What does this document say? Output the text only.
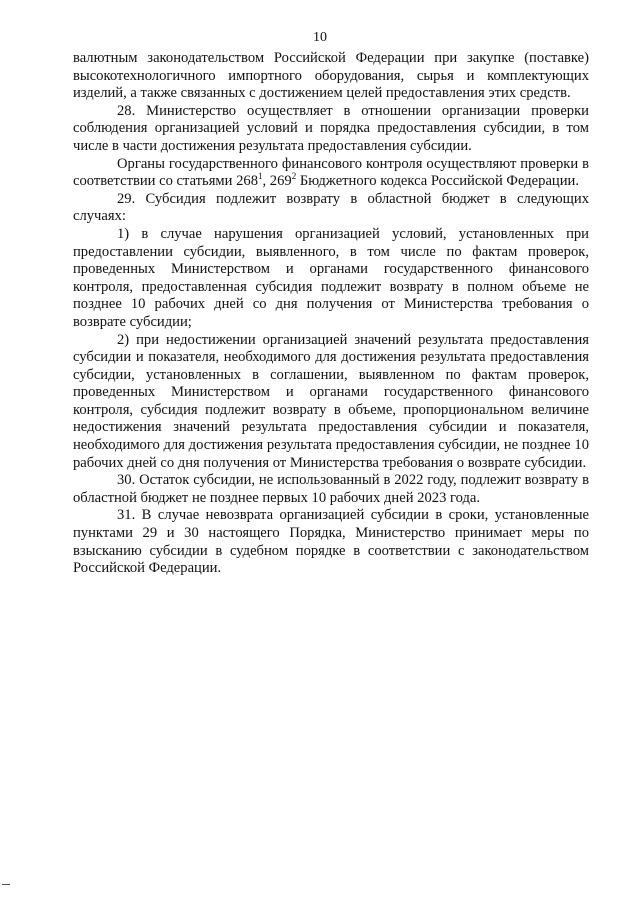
10

валютным законодательством Российской Федерации при закупке (поставке) высокотехнологичного импортного оборудования, сырья и комплектующих изделий, а также связанных с достижением целей предоставления этих средств.

28. Министерство осуществляет в отношении организации проверки соблюдения организацией условий и порядка предоставления субсидии, в том числе в части достижения результата предоставления субсидии.

Органы государственного финансового контроля осуществляют проверки в соответствии со статьями $268^1$, $269^2$ Бюджетного кодекса Российской Федерации.

29. Субсидия подлежит возврату в областной бюджет в следующих случаях:

1) в случае нарушения организацией условий, установленных при предоставлении субсидии, выявленного, в том числе по фактам проверок, проведенных Министерством и органами государственного финансового контроля, предоставленная субсидия подлежит возврату в полном объеме не позднее 10 рабочих дней со дня получения от Министерства требования о возврате субсидии;

2) при недостижении организацией значений результата предоставления субсидии и показателя, необходимого для достижения результата предоставления субсидии, установленных в соглашении, выявленном по фактам проверок, проведенных Министерством и органами государственного финансового контроля, субсидия подлежит возврату в объеме, пропорциональном величине недостижения значений результата предоставления субсидии и показателя, необходимого для достижения результата предоставления субсидии, не позднее 10 рабочих дней со дня получения от Министерства требования о возврате субсидии.

30. Остаток субсидии, не использованный в 2022 году, подлежит возврату в областной бюджет не позднее первых 10 рабочих дней 2023 года.

31. В случае невозврата организацией субсидии в сроки, установленные пунктами 29 и 30 настоящего Порядка, Министерство принимает меры по взысканию субсидии в судебном порядке в соответствии с законодательством Российской Федерации.
